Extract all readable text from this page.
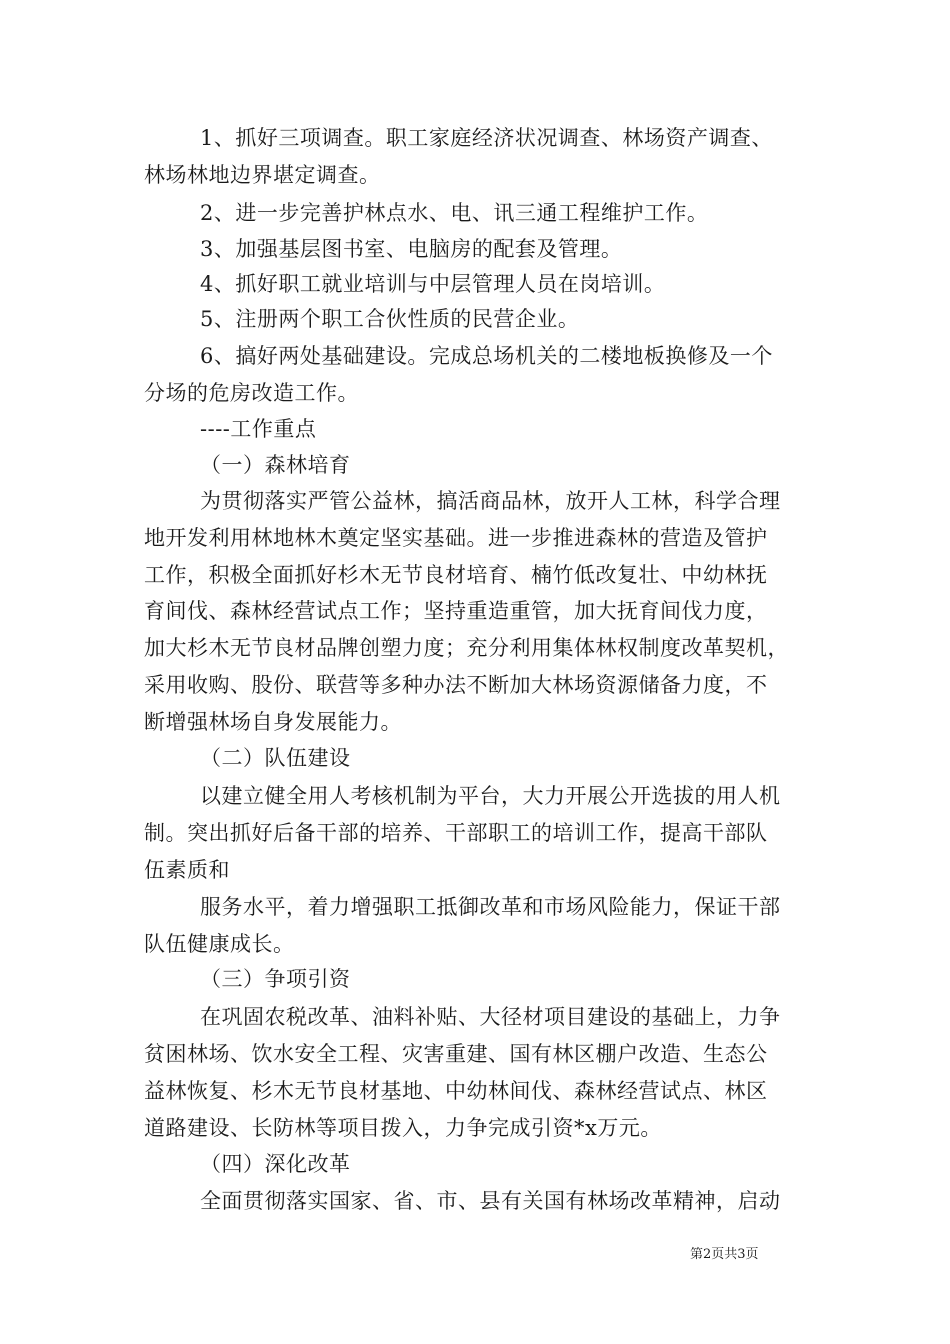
1、抓好三项调查。职工家庭经济状况调查、林场资产调查、
林场林地边界堪定调查。
2、进一步完善护林点水、电、讯三通工程维护工作。
3、加强基层图书室、电脑房的配套及管理。
4、抓好职工就业培训与中层管理人员在岗培训。
5、注册两个职工合伙性质的民营企业。
6、搞好两处基础建设。完成总场机关的二楼地板换修及一个
分场的危房改造工作。
----工作重点
（一）森林培育
为贯彻落实严管公益林，搞活商品林，放开人工林，科学合理
地开发利用林地林木奠定坚实基础。进一步推进森林的营造及管护
工作，积极全面抓好杉木无节良材培育、楠竹低改复壮、中幼林抚
育间伐、森林经营试点工作；坚持重造重管，加大抚育间伐力度，
加大杉木无节良材品牌创塑力度；充分利用集体林权制度改革契机，
采用收购、股份、联营等多种办法不断加大林场资源储备力度，不
断增强林场自身发展能力。
（二）队伍建设
以建立健全用人考核机制为平台，大力开展公开选拔的用人机
制。突出抓好后备干部的培养、干部职工的培训工作，提高干部队
伍素质和
服务水平，着力增强职工抵御改革和市场风险能力，保证干部
队伍健康成长。
（三）争项引资
在巩固农税改革、油料补贴、大径材项目建设的基础上，力争
贫困林场、饮水安全工程、灾害重建、国有林区棚户改造、生态公
益林恢复、杉木无节良材基地、中幼林间伐、森林经营试点、林区
道路建设、长防林等项目拨入，力争完成引资*x万元。
（四）深化改革
全面贯彻落实国家、省、市、县有关国有林场改革精神，启动
第2页共3页
